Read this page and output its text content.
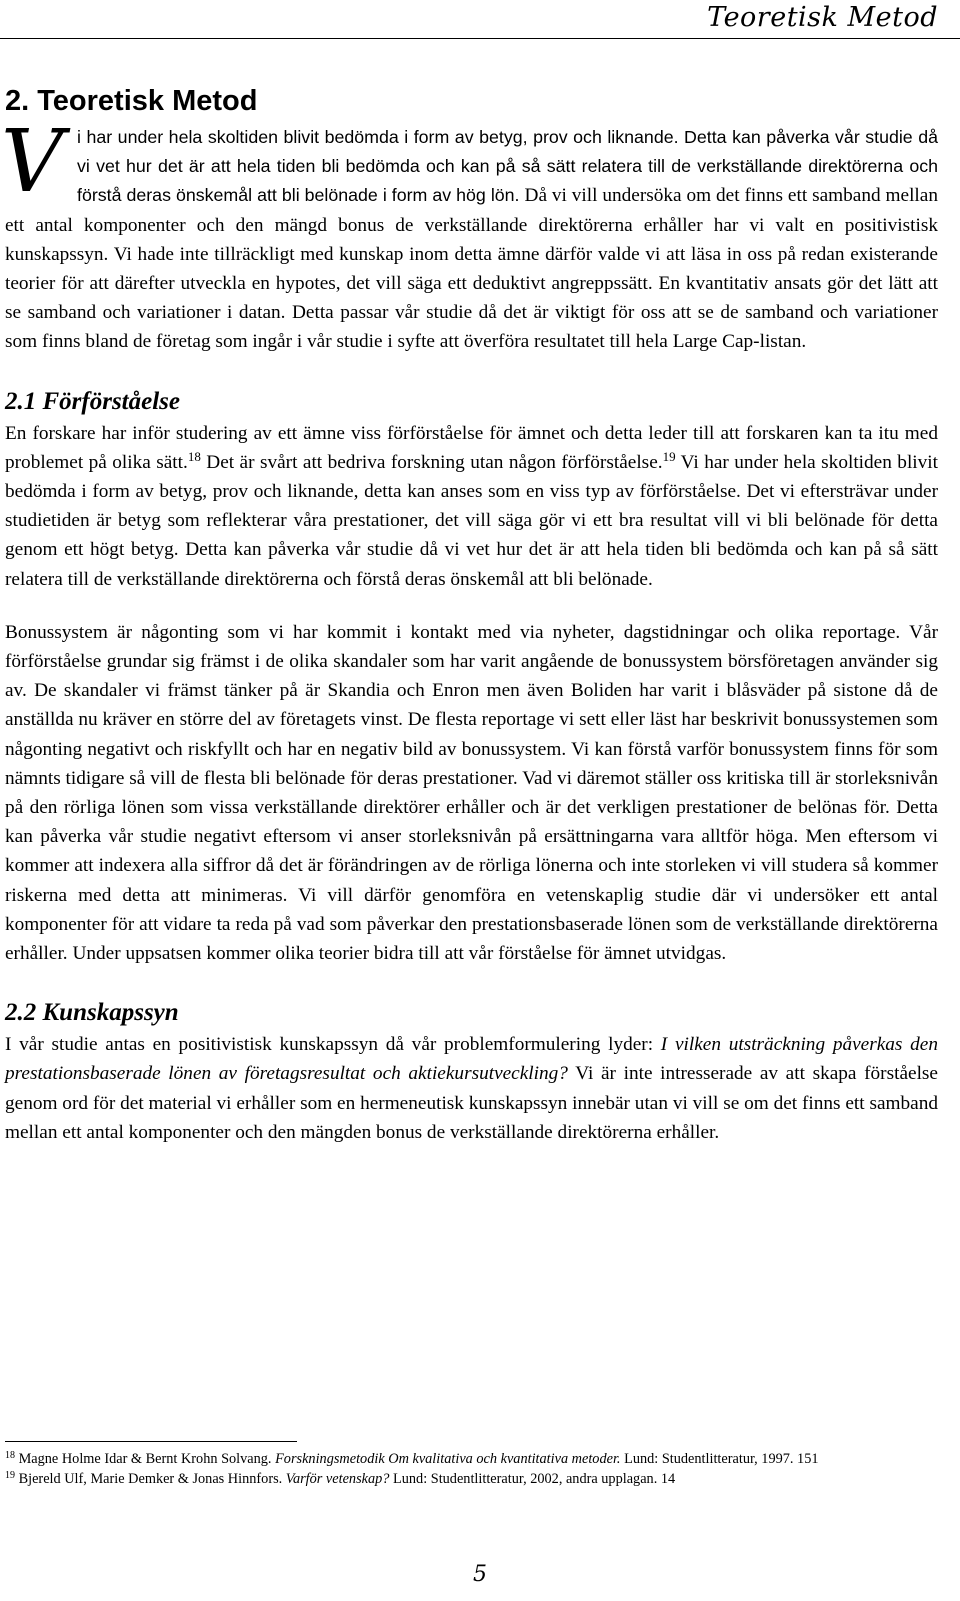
Teoretisk Metod
2. Teoretisk Metod

Vi har under hela skoltiden blivit bedömda i form av betyg, prov och liknande. Detta kan påverka vår studie då vi vet hur det är att hela tiden bli bedömda och kan på så sätt relatera till de verkställande direktörerna och förstå deras önskemål att bli belönade i form av hög lön. Då vi vill undersöka om det finns ett samband mellan ett antal komponenter och den mängd bonus de verkställande direktörerna erhåller har vi valt en positivistisk kunskapssyn. Vi hade inte tillräckligt med kunskap inom detta ämne därför valde vi att läsa in oss på redan existerande teorier för att därefter utveckla en hypotes, det vill säga ett deduktivt angreppssätt. En kvantitativ ansats gör det lätt att se samband och variationer i datan. Detta passar vår studie då det är viktigt för oss att se de samband och variationer som finns bland de företag som ingår i vår studie i syfte att överföra resultatet till hela Large Cap-listan.

2.1 Förförståelse

En forskare har inför studering av ett ämne viss förförståelse för ämnet och detta leder till att forskaren kan ta itu med problemet på olika sätt.$^{18}$ Det är svårt att bedriva forskning utan någon förförståelse.$^{19}$ Vi har under hela skoltiden blivit bedömda i form av betyg, prov och liknande, detta kan anses som en viss typ av förförståelse. Det vi eftersträvar under studietiden är betyg som reflekterar våra prestationer, det vill säga gör vi ett bra resultat vill vi bli belönade för detta genom ett högt betyg. Detta kan påverka vår studie då vi vet hur det är att hela tiden bli bedömda och kan på så sätt relatera till de verkställande direktörerna och förstå deras önskemål att bli belönade.

Bonussystem är någonting som vi har kommit i kontakt med via nyheter, dagstidningar och olika reportage. Vår förförståelse grundar sig främst i de olika skandaler som har varit angående de bonussystem börsföretagen använder sig av. De skandaler vi främst tänker på är Skandia och Enron men även Boliden har varit i blåsväder på sistone då de anställda nu kräver en större del av företagets vinst. De flesta reportage vi sett eller läst har beskrivit bonussystemen som någonting negativt och riskfyllt och har en negativ bild av bonussystem. Vi kan förstå varför bonussystem finns för som nämnts tidigare så vill de flesta bli belönade för deras prestationer. Vad vi däremot ställer oss kritiska till är storleksnivån på den rörliga lönen som vissa verkställande direktörer erhåller och är det verkligen prestationer de belönas för. Detta kan påverka vår studie negativt eftersom vi anser storleksnivån på ersättningarna vara alltför höga. Men eftersom vi kommer att indexera alla siffror då det är förändringen av de rörliga lönerna och inte storleken vi vill studera så kommer riskerna med detta att minimeras. Vi vill därför genomföra en vetenskaplig studie där vi undersöker ett antal komponenter för att vidare ta reda på vad som påverkar den prestationsbaserade lönen som de verkställande direktörerna erhåller. Under uppsatsen kommer olika teorier bidra till att vår förståelse för ämnet utvidgas.

2.2 Kunskapssyn

I vår studie antas en positivistisk kunskapssyn då vår problemformulering lyder: I vilken utsträckning påverkas den prestationsbaserade lönen av företagsresultat och aktiekursutveckling? Vi är inte intresserade av att skapa förståelse genom ord för det material vi erhåller som en hermeneutisk kunskapssyn innebär utan vi vill se om det finns ett samband mellan ett antal komponenter och den mängden bonus de verkställande direktörerna erhåller.

$^{18}$ Magne Holme Idar & Bernt Krohn Solvang. Forskningsmetodik Om kvalitativa och kvantitativa metoder. Lund: Studentlitteratur, 1997. 151

$^{19}$ Bjereld Ulf, Marie Demker & Jonas Hinnfors. Varför vetenskap? Lund: Studentlitteratur, 2002, andra upplagan. 14

5
